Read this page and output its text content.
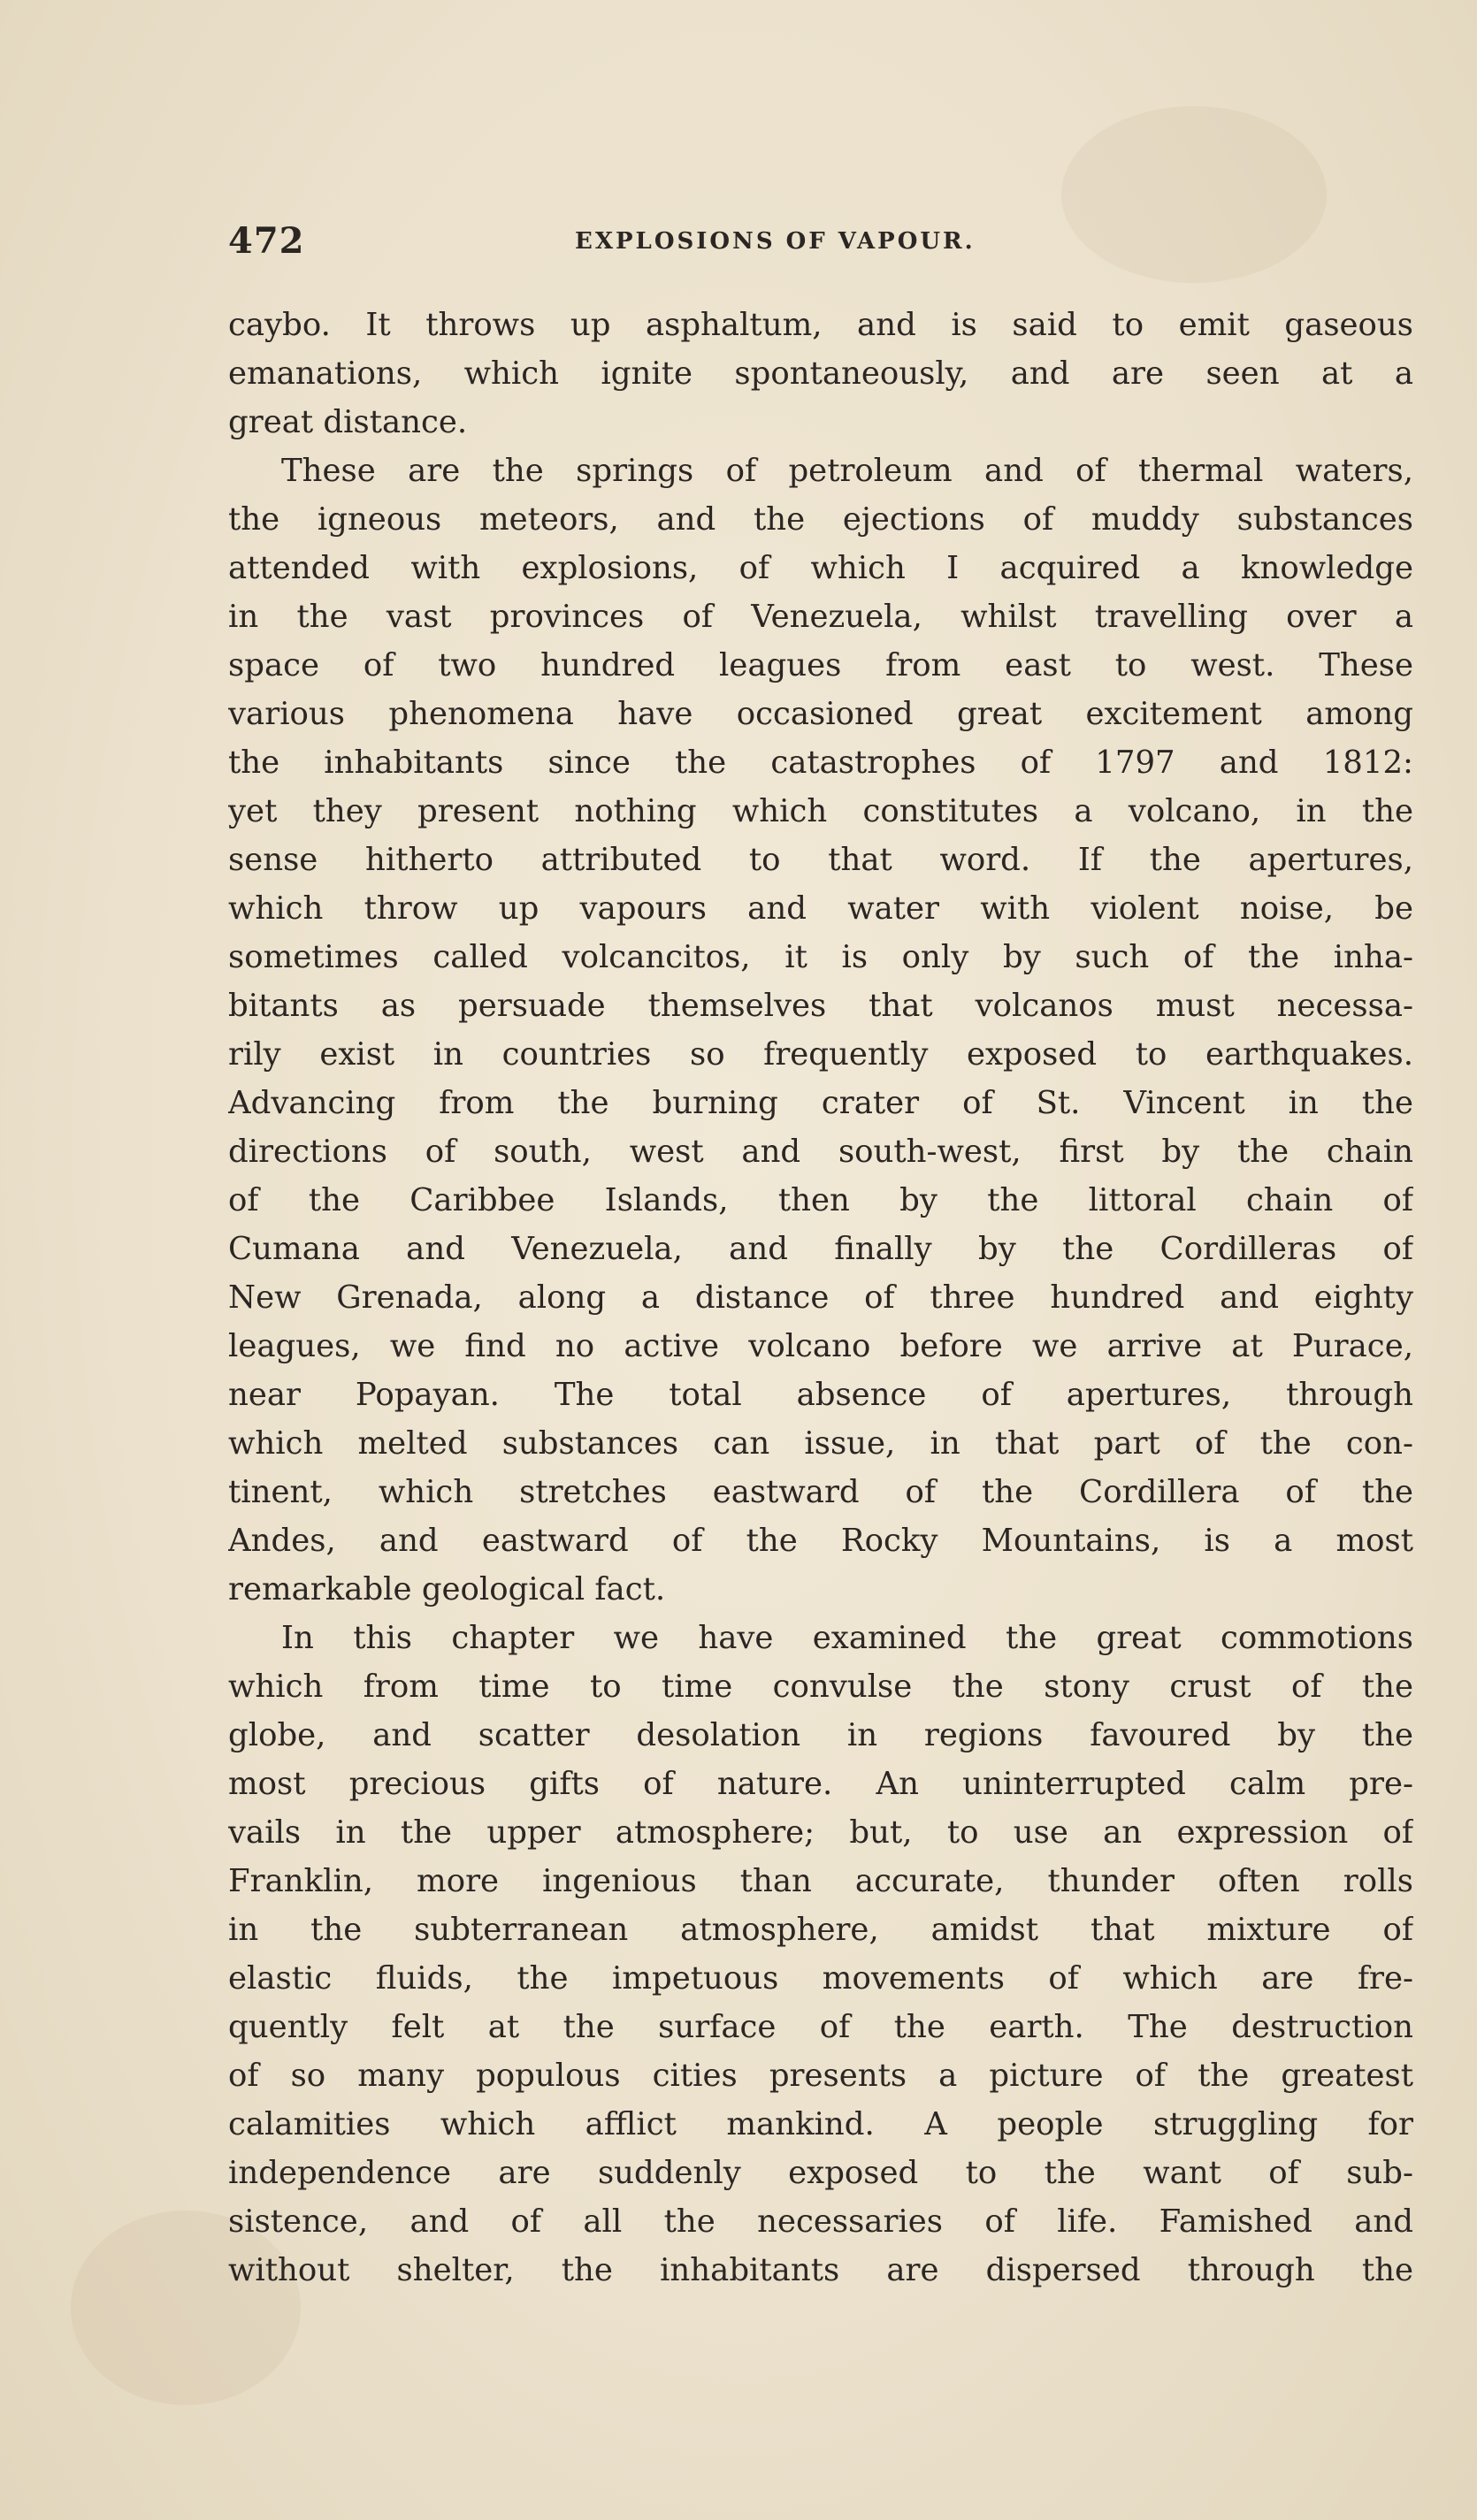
472	EXPLOSIONS OF VAPOUR.
caybo. It throws up asphaltum, and is said to emit gaseous
emanations, which ignite spontaneously, and are seen at a
great distance.
These are the springs of petroleum and of thermal waters,
the igneous meteors, and the ejections of muddy substances
attended with explosions, of which I acquired a knowledge
in the vast provinces of Venezuela, whilst travelling over a
space of two hundred leagues from east to west. These
various phenomena have occasioned great excitement among
the inhabitants since the catastrophes of 1797 and 1812:
yet they present nothing which constitutes a volcano, in the
sense hitherto attributed to that word. If the apertures,
which throw up vapours and water with violent noise, be
sometimes called volcancitos, it is only by such of the inha-
bitants as persuade themselves that volcanos must necessa-
rily exist in countries so frequently exposed to earthquakes.
Advancing from the burning crater of St. Vincent in the
directions of south, west and south-west, first by the chain
of the Caribbee Islands, then by the littoral chain of
Cumana and Venezuela, and finally by the Cordilleras of
New Grenada, along a distance of three hundred and eighty
leagues, we find no active volcano before we arrive at Purace,
near Popayan. The total absence of apertures, through
which melted substances can issue, in that part of the con-
tinent, which stretches eastward of the Cordillera of the
Andes, and eastward of the Rocky Mountains, is a most
remarkable geological fact.
In this chapter we have examined the great commotions
which from time to time convulse the stony crust of the
globe, and scatter desolation in regions favoured by the
most precious gifts of nature. An uninterrupted calm pre-
vails in the upper atmosphere; but, to use an expression of
Franklin, more ingenious than accurate, thunder often rolls
in the subterranean atmosphere, amidst that mixture of
elastic fluids, the impetuous movements of which are fre-
quently felt at the surface of the earth. The destruction
of so many populous cities presents a picture of the greatest
calamities which afflict mankind. A people struggling for
independence are suddenly exposed to the want of sub-
sistence, and of all the necessaries of life. Famished and
without shelter, the inhabitants are dispersed through the
